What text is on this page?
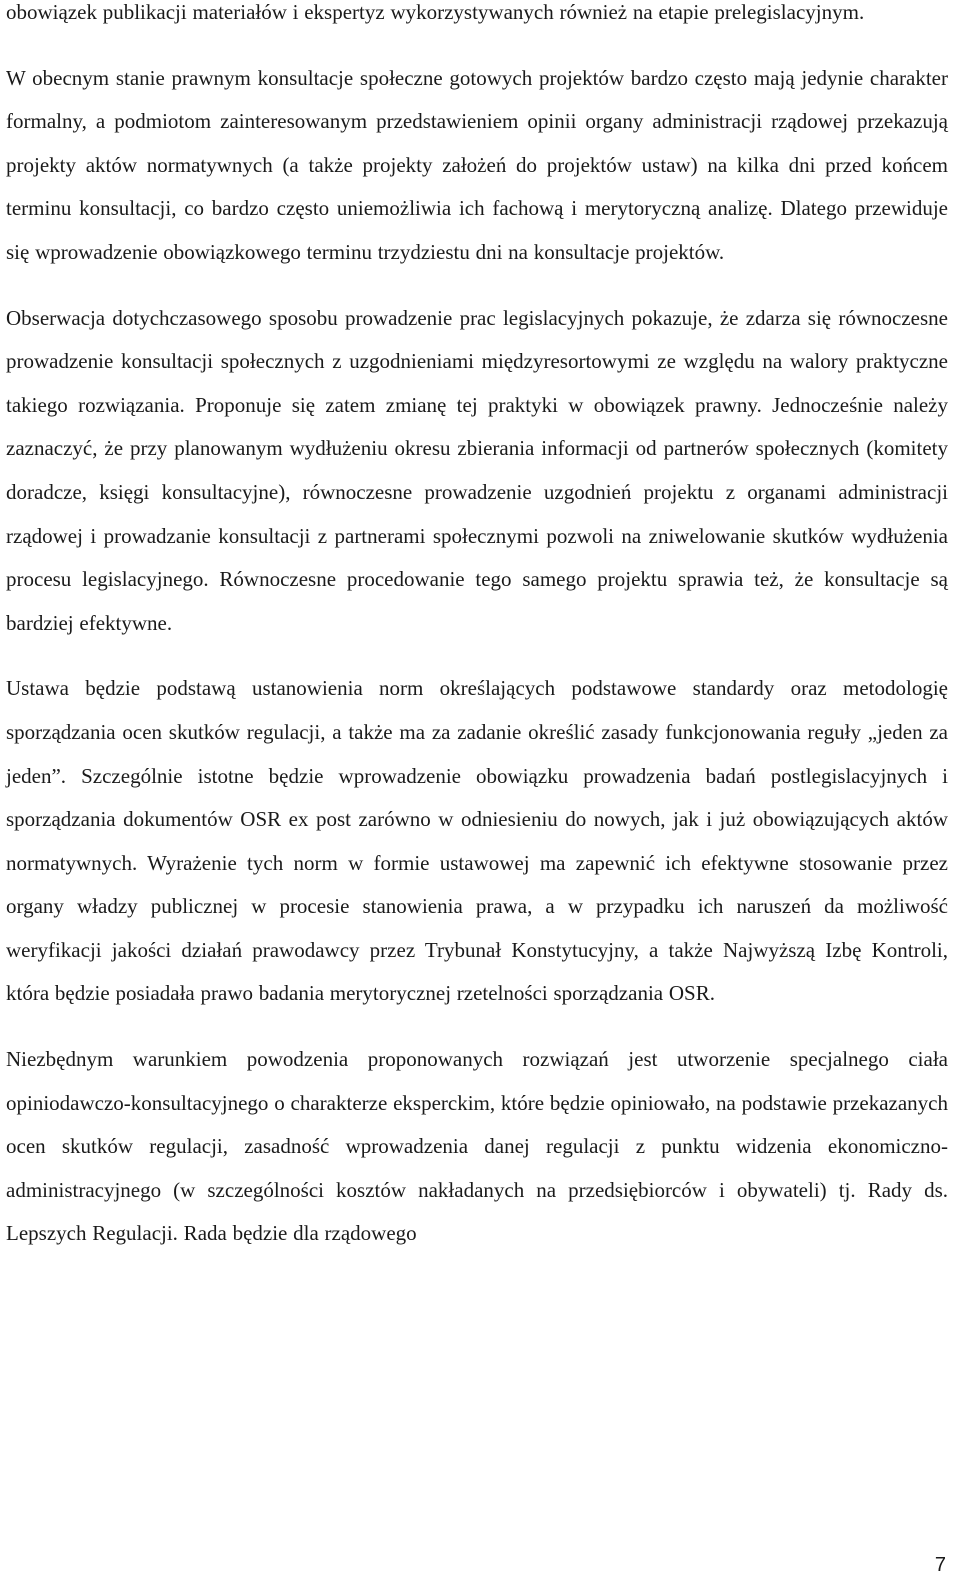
obowiązek publikacji materiałów i ekspertyz wykorzystywanych również na etapie prelegislacyjnym.

W obecnym stanie prawnym konsultacje społeczne gotowych projektów bardzo często mają jedynie charakter formalny, a podmiotom zainteresowanym przedstawieniem opinii organy administracji rządowej przekazują projekty aktów normatywnych (a także projekty założeń do projektów ustaw) na kilka dni przed końcem terminu konsultacji, co bardzo często uniemożliwia ich fachową i merytoryczną analizę. Dlatego przewiduje się wprowadzenie obowiązkowego terminu trzydziestu dni na konsultacje projektów.

Obserwacja dotychczasowego sposobu prowadzenie prac legislacyjnych pokazuje, że zdarza się równoczesne prowadzenie konsultacji społecznych z uzgodnieniami międzyresortowymi ze względu na walory praktyczne takiego rozwiązania. Proponuje się zatem zmianę tej praktyki w obowiązek prawny. Jednocześnie należy zaznaczyć, że przy planowanym wydłużeniu okresu zbierania informacji od partnerów społecznych (komitety doradcze, księgi konsultacyjne), równoczesne prowadzenie uzgodnień projektu z organami administracji rządowej i prowadzanie konsultacji z partnerami społecznymi pozwoli na zniwelowanie skutków wydłużenia procesu legislacyjnego. Równoczesne procedowanie tego samego projektu sprawia też, że konsultacje są bardziej efektywne.

Ustawa będzie podstawą ustanowienia norm określających podstawowe standardy oraz metodologię sporządzania ocen skutków regulacji, a także ma za zadanie określić zasady funkcjonowania reguły „jeden za jeden”. Szczególnie istotne będzie wprowadzenie obowiązku prowadzenia badań postlegislacyjnych i sporządzania dokumentów OSR ex post zarówno w odniesieniu do nowych, jak i już obowiązujących aktów normatywnych. Wyrażenie tych norm w formie ustawowej ma zapewnić ich efektywne stosowanie przez organy władzy publicznej w procesie stanowienia prawa, a w przypadku ich naruszeń da możliwość weryfikacji jakości działań prawodawcy przez Trybunał Konstytucyjny, a także Najwyższą Izbę Kontroli, która będzie posiadała prawo badania merytorycznej rzetelności sporządzania OSR.

Niezbędnym warunkiem powodzenia proponowanych rozwiązań jest utworzenie specjalnego ciała opiniodawczo-konsultacyjnego o charakterze eksperckim, które będzie opiniowało, na podstawie przekazanych ocen skutków regulacji, zasadność wprowadzenia danej regulacji z punktu widzenia ekonomiczno-administracyjnego (w szczególności kosztów nakładanych na przedsiębiorców i obywateli) tj. Rady ds. Lepszych Regulacji. Rada będzie dla rządowego

7
